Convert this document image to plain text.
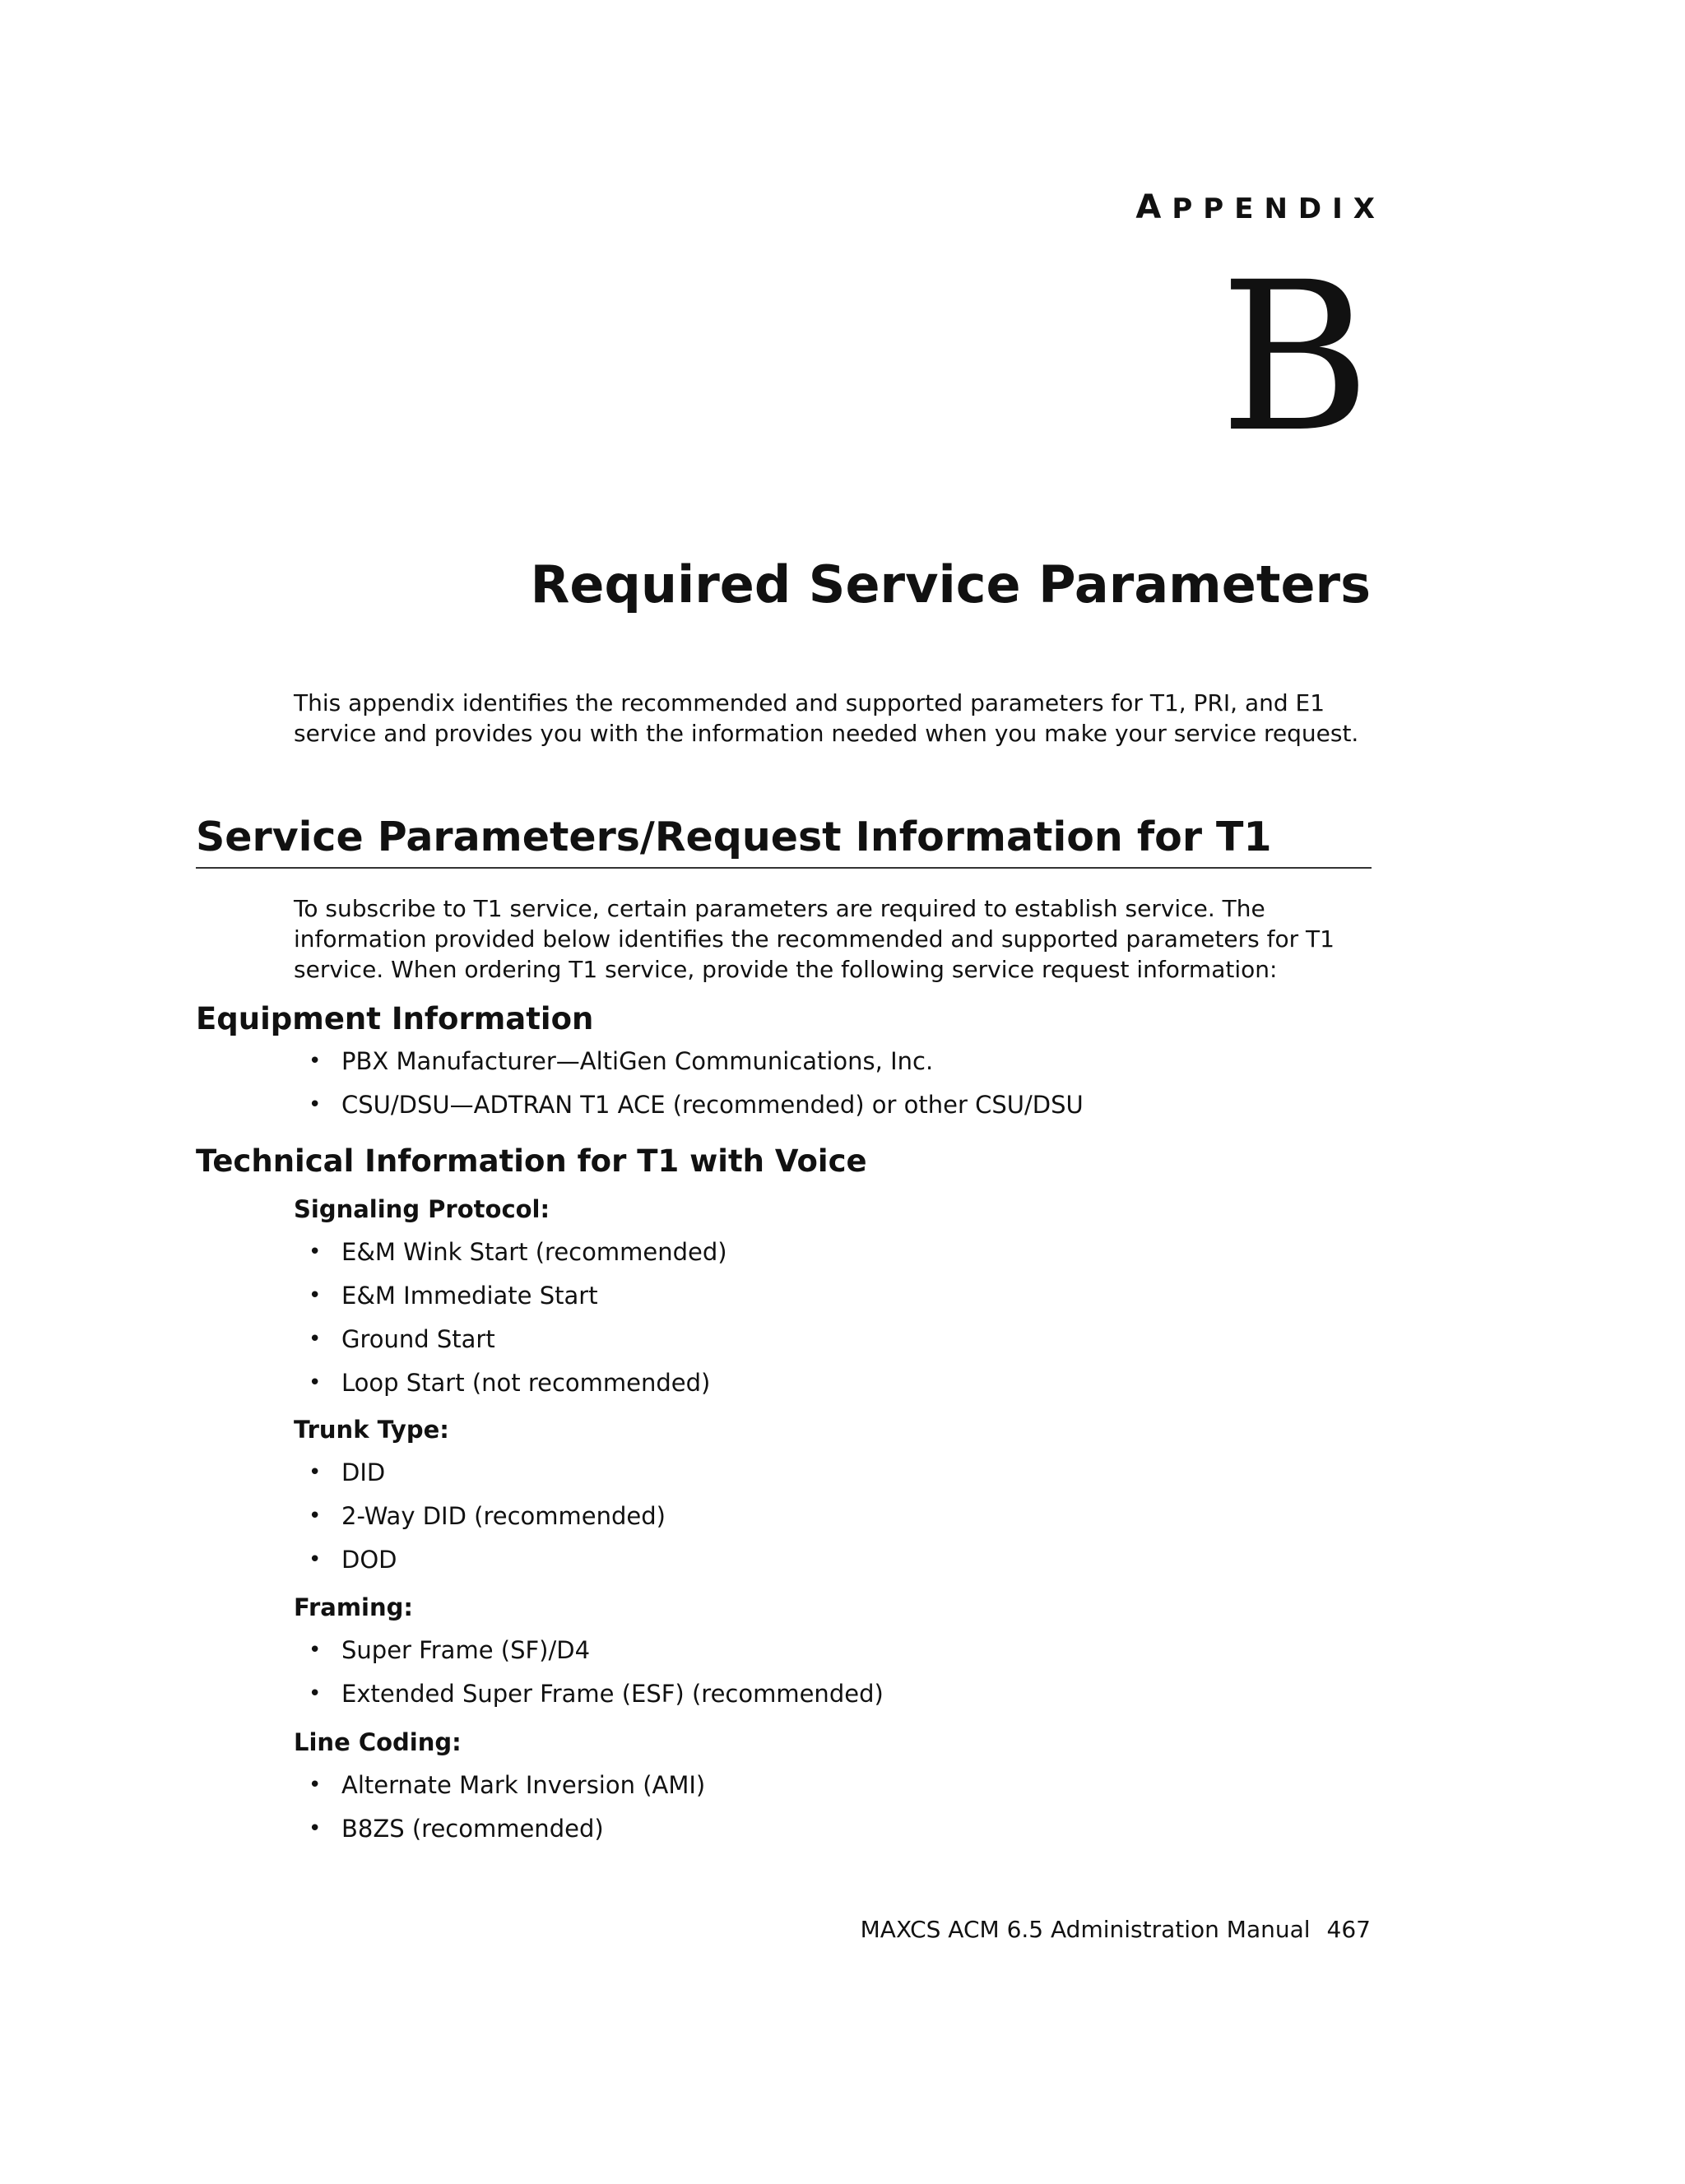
APPENDIX
B
Required Service Parameters

This appendix identifies the recommended and supported parameters for T1, PRI, and E1 service and provides you with the information needed when you make your service request.

Service Parameters/Request Information for T1

To subscribe to T1 service, certain parameters are required to establish service. The information provided below identifies the recommended and supported parameters for T1 service. When ordering T1 service, provide the following service request information:

Equipment Information
• PBX Manufacturer—AltiGen Communications, Inc.
• CSU/DSU—ADTRAN T1 ACE (recommended) or other CSU/DSU
Technical Information for T1 with Voice
Signaling Protocol:
• E&M Wink Start (recommended)
• E&M Immediate Start
• Ground Start
• Loop Start (not recommended)
Trunk Type:
• DID
• 2-Way DID (recommended)
• DOD
Framing:
• Super Frame (SF)/D4
• Extended Super Frame (ESF) (recommended)
Line Coding:
• Alternate Mark Inversion (AMI)
• B8ZS (recommended)
MAXCS ACM 6.5 Administration Manual 467
